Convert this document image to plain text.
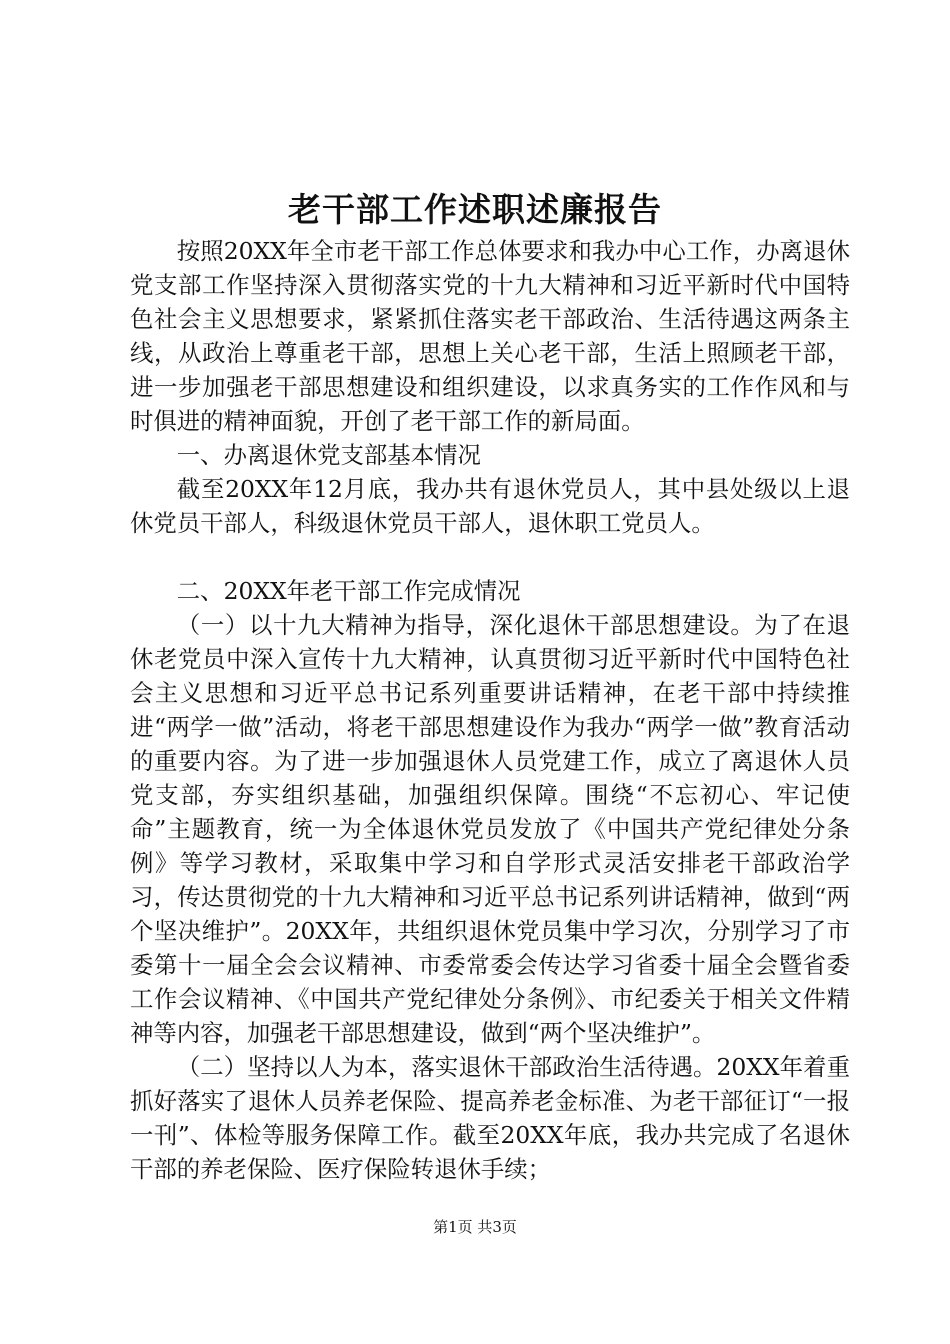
老干部工作述职述廉报告

按照20XX年全市老干部工作总体要求和我办中心工作，办离退休党支部工作坚持深入贯彻落实党的十九大精神和习近平新时代中国特色社会主义思想要求，紧紧抓住落实老干部政治、生活待遇这两条主线，从政治上尊重老干部，思想上关心老干部，生活上照顾老干部，进一步加强老干部思想建设和组织建设，以求真务实的工作作风和与时俱进的精神面貌，开创了老干部工作的新局面。

一、办离退休党支部基本情况

截至20XX年12月底，我办共有退休党员人，其中县处级以上退休党员干部人，科级退休党员干部人，退休职工党员人。

二、20XX年老干部工作完成情况

（一）以十九大精神为指导，深化退休干部思想建设。为了在退休老党员中深入宣传十九大精神，认真贯彻习近平新时代中国特色社会主义思想和习近平总书记系列重要讲话精神，在老干部中持续推进“两学一做”活动，将老干部思想建设作为我办“两学一做”教育活动的重要内容。为了进一步加强退休人员党建工作，成立了离退休人员党支部，夯实组织基础，加强组织保障。围绕“不忘初心、牢记使命”主题教育，统一为全体退休党员发放了《中国共产党纪律处分条例》等学习教材，采取集中学习和自学形式灵活安排老干部政治学习，传达贯彻党的十九大精神和习近平总书记系列讲话精神，做到“两个坚决维护”。20XX年，共组织退休党员集中学习次，分别学习了市委第十一届全会会议精神、市委常委会传达学习省委十届全会暨省委工作会议精神、《中国共产党纪律处分条例》、市纪委关于相关文件精神等内容，加强老干部思想建设，做到“两个坚决维护”。

（二）坚持以人为本，落实退休干部政治生活待遇。20XX年着重抓好落实了退休人员养老保险、提高养老金标准、为老干部征订“一报一刊”、体检等服务保障工作。截至20XX年底，我办共完成了名退休干部的养老保险、医疗保险转退休手续；

第1页 共3页
